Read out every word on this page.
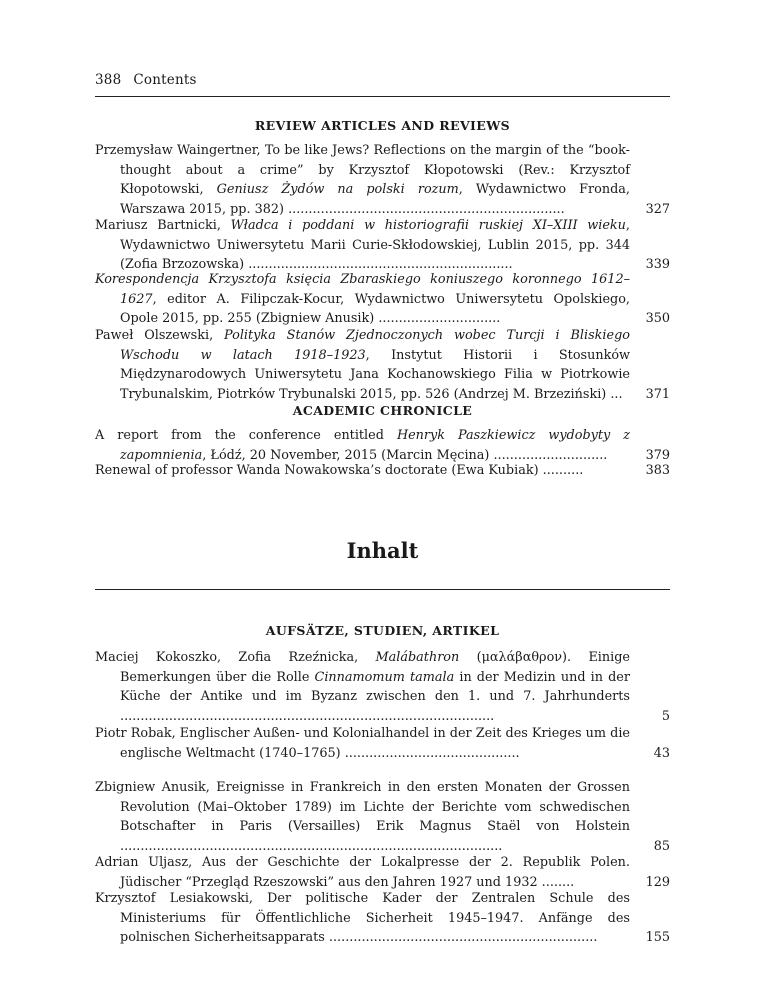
388 Contents
REVIEW ARTICLES AND REVIEWS
Przemysław Waingertner, To be like Jews? Reflections on the margin of the “book-thought about a crime” by Krzysztof Kłopotowski (Rev.: Krzysztof Kłopotowski, Geniusz Żydów na polski rozum, Wydawnictwo Fronda, Warszawa 2015, pp. 382) ....................................................................	327
Mariusz Bartnicki, Władca i poddani w historiografii ruskiej XI–XIII wieku, Wydawnictwo Uniwersytetu Marii Curie-Skłodowskiej, Lublin 2015, pp. 344 (Zofia Brzozowska) .................................................................	339
Korespondencja Krzysztofa księcia Zbaraskiego koniuszego koronnego 1612–1627, editor A. Filipczak-Kocur, Wydawnictwo Uniwersytetu Opolskiego, Opole 2015, pp. 255 (Zbigniew Anusik) ..............................	350
Paweł Olszewski, Polityka Stanów Zjednoczonych wobec Turcji i Bliskiego Wschodu w latach 1918–1923, Instytut Historii i Stosunków Międzynarodowych Uniwersytetu Jana Kochanowskiego Filia w Piotrkowie Trybunalskim, Piotrków Trybunalski 2015, pp. 526 (Andrzej M. Brzeziński) ...	371
ACADEMIC CHRONICLE
A report from the conference entitled Henryk Paszkiewicz wydobyty z zapomnienia, Łódź, 20 November, 2015 (Marcin Męcina) ............................	379
Renewal of professor Wanda Nowakowska’s doctorate (Ewa Kubiak) ..........	383
Inhalt
AUFSÄTZE, STUDIEN, ARTIKEL
Maciej Kokoszko, Zofia Rzeźnicka, Malábathron (μαλάβαθρον). Einige Bemerkungen über die Rolle Cinnamomum tamala in der Medizin und in der Küche der Antike und im Byzanz zwischen den 1. und 7. Jahrhunderts ............................................................................................	5
Piotr Robak, Englischer Außen- und Kolonialhandel in der Zeit des Krieges um die englische Weltmacht (1740–1765) ...........................................	43
Zbigniew Anusik, Ereignisse in Frankreich in den ersten Monaten der Grossen Revolution (Mai–Oktober 1789) im Lichte der Berichte vom schwedischen Botschafter in Paris (Versailles) Erik Magnus Staël von Holstein ..............................................................................................	85
Adrian Uljasz, Aus der Geschichte der Lokalpresse der 2. Republik Polen. Jüdischer “Przegląd Rzeszowski” aus den Jahren 1927 und 1932 ........	129
Krzysztof Lesiakowski, Der politische Kader der Zentralen Schule des Ministeriums für Öffentlichliche Sicherheit 1945–1947. Anfänge des polnischen Sicherheitsapparats ..................................................................	155
